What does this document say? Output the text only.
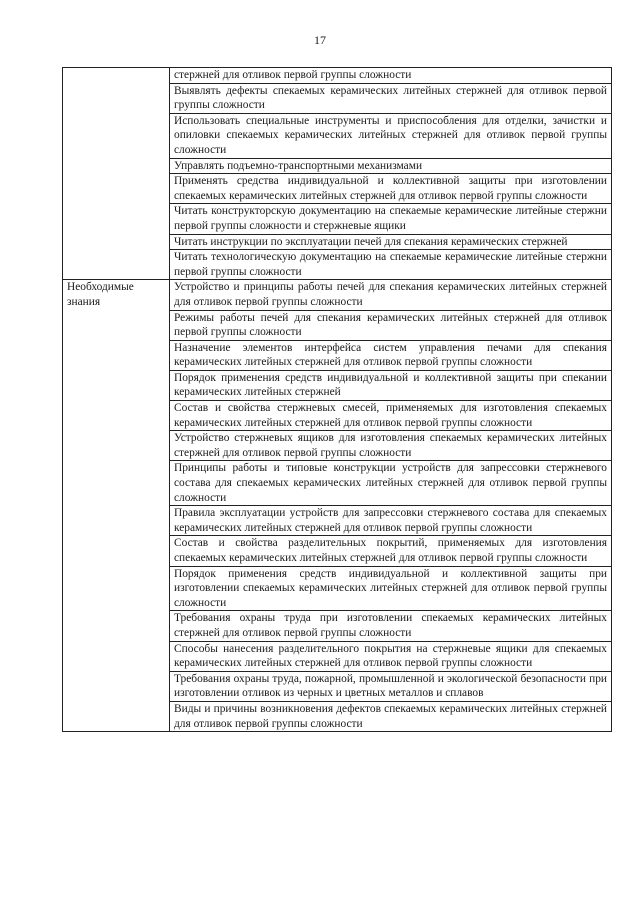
17
	стержней для отливок первой группы сложности
	Выявлять дефекты спекаемых керамических литейных стержней для отливок первой группы сложности
	Использовать специальные инструменты и приспособления для отделки, зачистки и опиловки спекаемых керамических литейных стержней для отливок первой группы сложности
	Управлять подъемно-транспортными механизмами
	Применять средства индивидуальной и коллективной защиты при изготовлении спекаемых керамических литейных стержней для отливок первой группы сложности
	Читать конструкторскую документацию на спекаемые керамические литейные стержни первой группы сложности и стержневые ящики
	Читать инструкции по эксплуатации печей для спекания керамических стержней
	Читать технологическую документацию на спекаемые керамические литейные стержни первой группы сложности
Необходимые знания	Устройство и принципы работы печей для спекания керамических литейных стержней для отливок первой группы сложности
	Режимы работы печей для спекания керамических литейных стержней для отливок первой группы сложности
	Назначение элементов интерфейса систем управления печами для спекания керамических литейных стержней для отливок первой группы сложности
	Порядок применения средств индивидуальной и коллективной защиты при спекании керамических литейных стержней
	Состав и свойства стержневых смесей, применяемых для изготовления спекаемых керамических литейных стержней для отливок первой группы сложности
	Устройство стержневых ящиков для изготовления спекаемых керамических литейных стержней для отливок первой группы сложности
	Принципы работы и типовые конструкции устройств для запрессовки стержневого состава для спекаемых керамических литейных стержней для отливок первой группы сложности
	Правила эксплуатации устройств для запрессовки стержневого состава для спекаемых керамических литейных стержней для отливок первой группы сложности
	Состав и свойства разделительных покрытий, применяемых для изготовления спекаемых керамических литейных стержней для отливок первой группы сложности
	Порядок применения средств индивидуальной и коллективной защиты при изготовлении спекаемых керамических литейных стержней для отливок первой группы сложности
	Требования охраны труда при изготовлении спекаемых керамических литейных стержней для отливок первой группы сложности
	Способы нанесения разделительного покрытия на стержневые ящики для спекаемых керамических литейных стержней для отливок первой группы сложности
	Требования охраны труда, пожарной, промышленной и экологической безопасности при изготовлении отливок из черных и цветных металлов и сплавов
	Виды и причины возникновения дефектов спекаемых керамических литейных стержней для отливок первой группы сложности
